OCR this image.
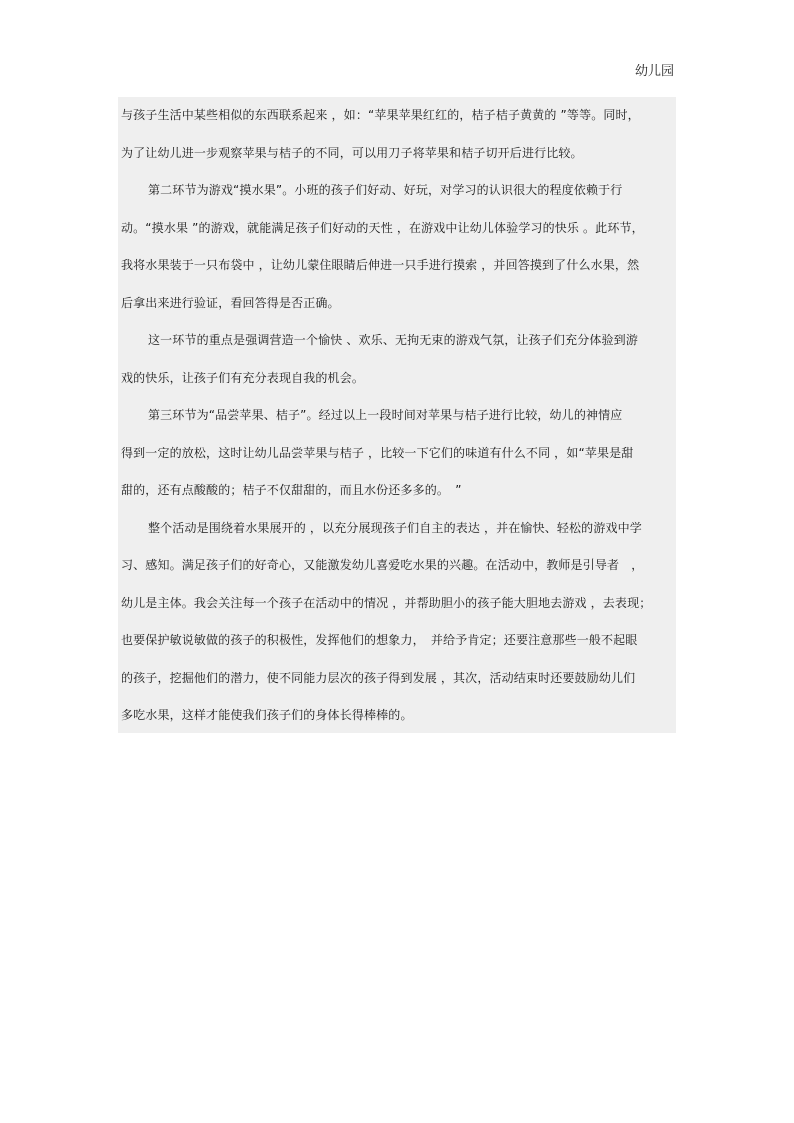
幼儿园
与孩子生活中某些相似的东西联系起来 ，如：“苹果苹果红红的，桔子桔子黄黄的 ”等等。同时，
为了让幼儿进一步观察苹果与桔子的不同，可以用刀子将苹果和桔子切开后进行比较。
第二环节为游戏“摸水果”。小班的孩子们好动、好玩，对学习的认识很大的程度依赖于行
动。“摸水果 ”的游戏，就能满足孩子们好动的天性 ，在游戏中让幼儿体验学习的快乐 。此环节，
我将水果装于一只布袋中 ，让幼儿蒙住眼睛后伸进一只手进行摸索 ，并回答摸到了什么水果，然
后拿出来进行验证，看回答得是否正确。
这一环节的重点是强调营造一个愉快 、欢乐、无拘无束的游戏气氛，让孩子们充分体验到游
戏的快乐，让孩子们有充分表现自我的机会。
第三环节为“品尝苹果、桔子”。经过以上一段时间对苹果与桔子进行比较，幼儿的神情应
得到一定的放松，这时让幼儿品尝苹果与桔子 ，比较一下它们的味道有什么不同 ，如“苹果是甜
甜的，还有点酸酸的；桔子不仅甜甜的，而且水份还多多的。　”
整个活动是围绕着水果展开的 ，以充分展现孩子们自主的表达 ，并在愉快、轻松的游戏中学
习、感知。满足孩子们的好奇心，又能激发幼儿喜爱吃水果的兴趣。在活动中，教师是引导者　，
幼儿是主体。我会关注每一个孩子在活动中的情况 ，并帮助胆小的孩子能大胆地去游戏 ，去表现；
也要保护敏说敏做的孩子的积极性，发挥他们的想象力，　并给予肯定；还要注意那些一般不起眼
的孩子，挖掘他们的潜力，使不同能力层次的孩子得到发展 ，其次，活动结束时还要鼓励幼儿们
多吃水果，这样才能使我们孩子们的身体长得棒棒的。
